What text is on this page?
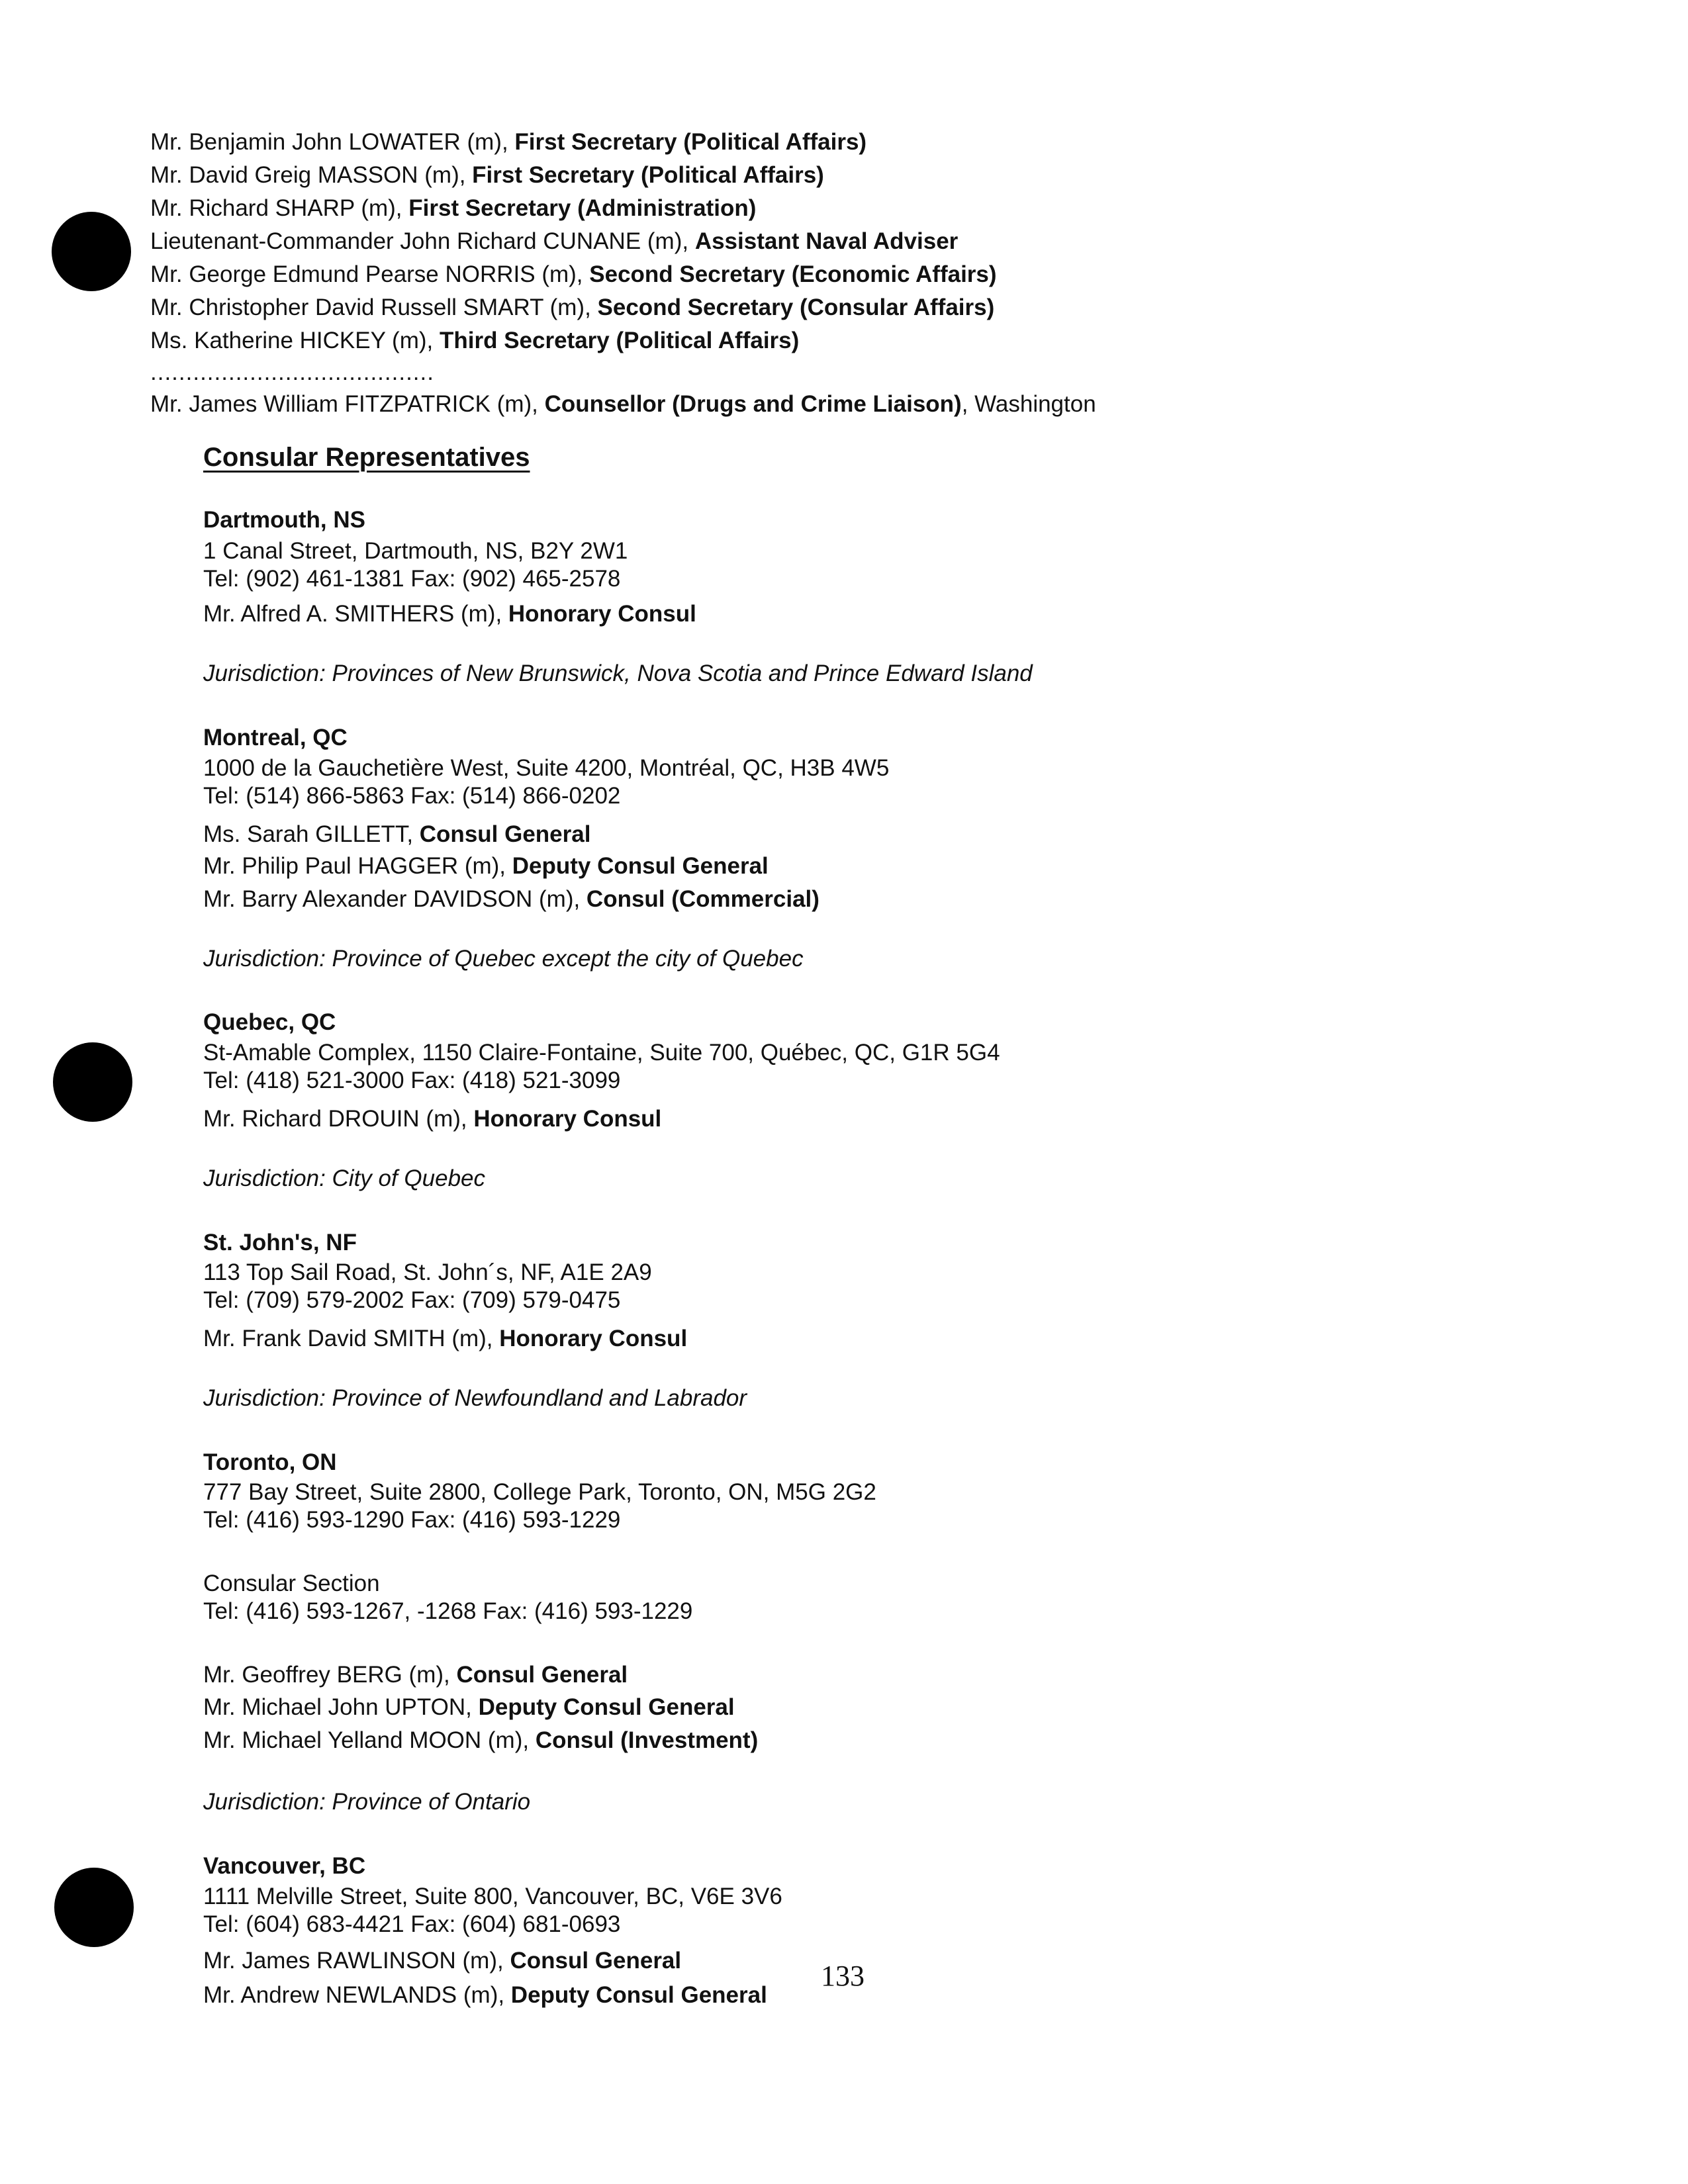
Mr. Benjamin John LOWATER (m), First Secretary (Political Affairs)
Mr. David Greig MASSON (m), First Secretary (Political Affairs)
Mr. Richard SHARP (m), First Secretary (Administration)
Lieutenant-Commander John Richard CUNANE (m), Assistant Naval Adviser
Mr. George Edmund Pearse NORRIS (m), Second Secretary (Economic Affairs)
Mr. Christopher David Russell SMART (m), Second Secretary (Consular Affairs)
Ms. Katherine HICKEY (m), Third Secretary (Political Affairs)
........................................
Mr. James William FITZPATRICK (m), Counsellor (Drugs and Crime Liaison), Washington
Consular Representatives
Dartmouth, NS
1 Canal Street, Dartmouth, NS, B2Y 2W1
Tel: (902) 461-1381 Fax: (902) 465-2578
Mr. Alfred A. SMITHERS (m), Honorary Consul
Jurisdiction: Provinces of New Brunswick, Nova Scotia and Prince Edward Island
Montreal, QC
1000 de la Gauchetière West, Suite 4200, Montréal, QC, H3B 4W5
Tel: (514) 866-5863 Fax: (514) 866-0202
Ms. Sarah GILLETT, Consul General
Mr. Philip Paul HAGGER (m), Deputy Consul General
Mr. Barry Alexander DAVIDSON (m), Consul (Commercial)
Jurisdiction: Province of Quebec except the city of Quebec
Quebec, QC
St-Amable Complex, 1150 Claire-Fontaine, Suite 700, Québec, QC, G1R 5G4
Tel: (418) 521-3000 Fax: (418) 521-3099
Mr. Richard DROUIN (m), Honorary Consul
Jurisdiction: City of Quebec
St. John's, NF
113 Top Sail Road, St. John´s, NF, A1E 2A9
Tel: (709) 579-2002 Fax: (709) 579-0475
Mr. Frank David SMITH (m), Honorary Consul
Jurisdiction: Province of Newfoundland and Labrador
Toronto, ON
777 Bay Street, Suite 2800, College Park, Toronto, ON, M5G 2G2
Tel: (416) 593-1290 Fax: (416) 593-1229
Consular Section
Tel: (416) 593-1267, -1268 Fax: (416) 593-1229
Mr. Geoffrey BERG (m), Consul General
Mr. Michael John UPTON, Deputy Consul General
Mr. Michael Yelland MOON (m), Consul (Investment)
Jurisdiction: Province of Ontario
Vancouver, BC
1111 Melville Street, Suite 800, Vancouver, BC, V6E 3V6
Tel: (604) 683-4421 Fax: (604) 681-0693
Mr. James RAWLINSON (m), Consul General
Mr. Andrew NEWLANDS (m), Deputy Consul General
133
